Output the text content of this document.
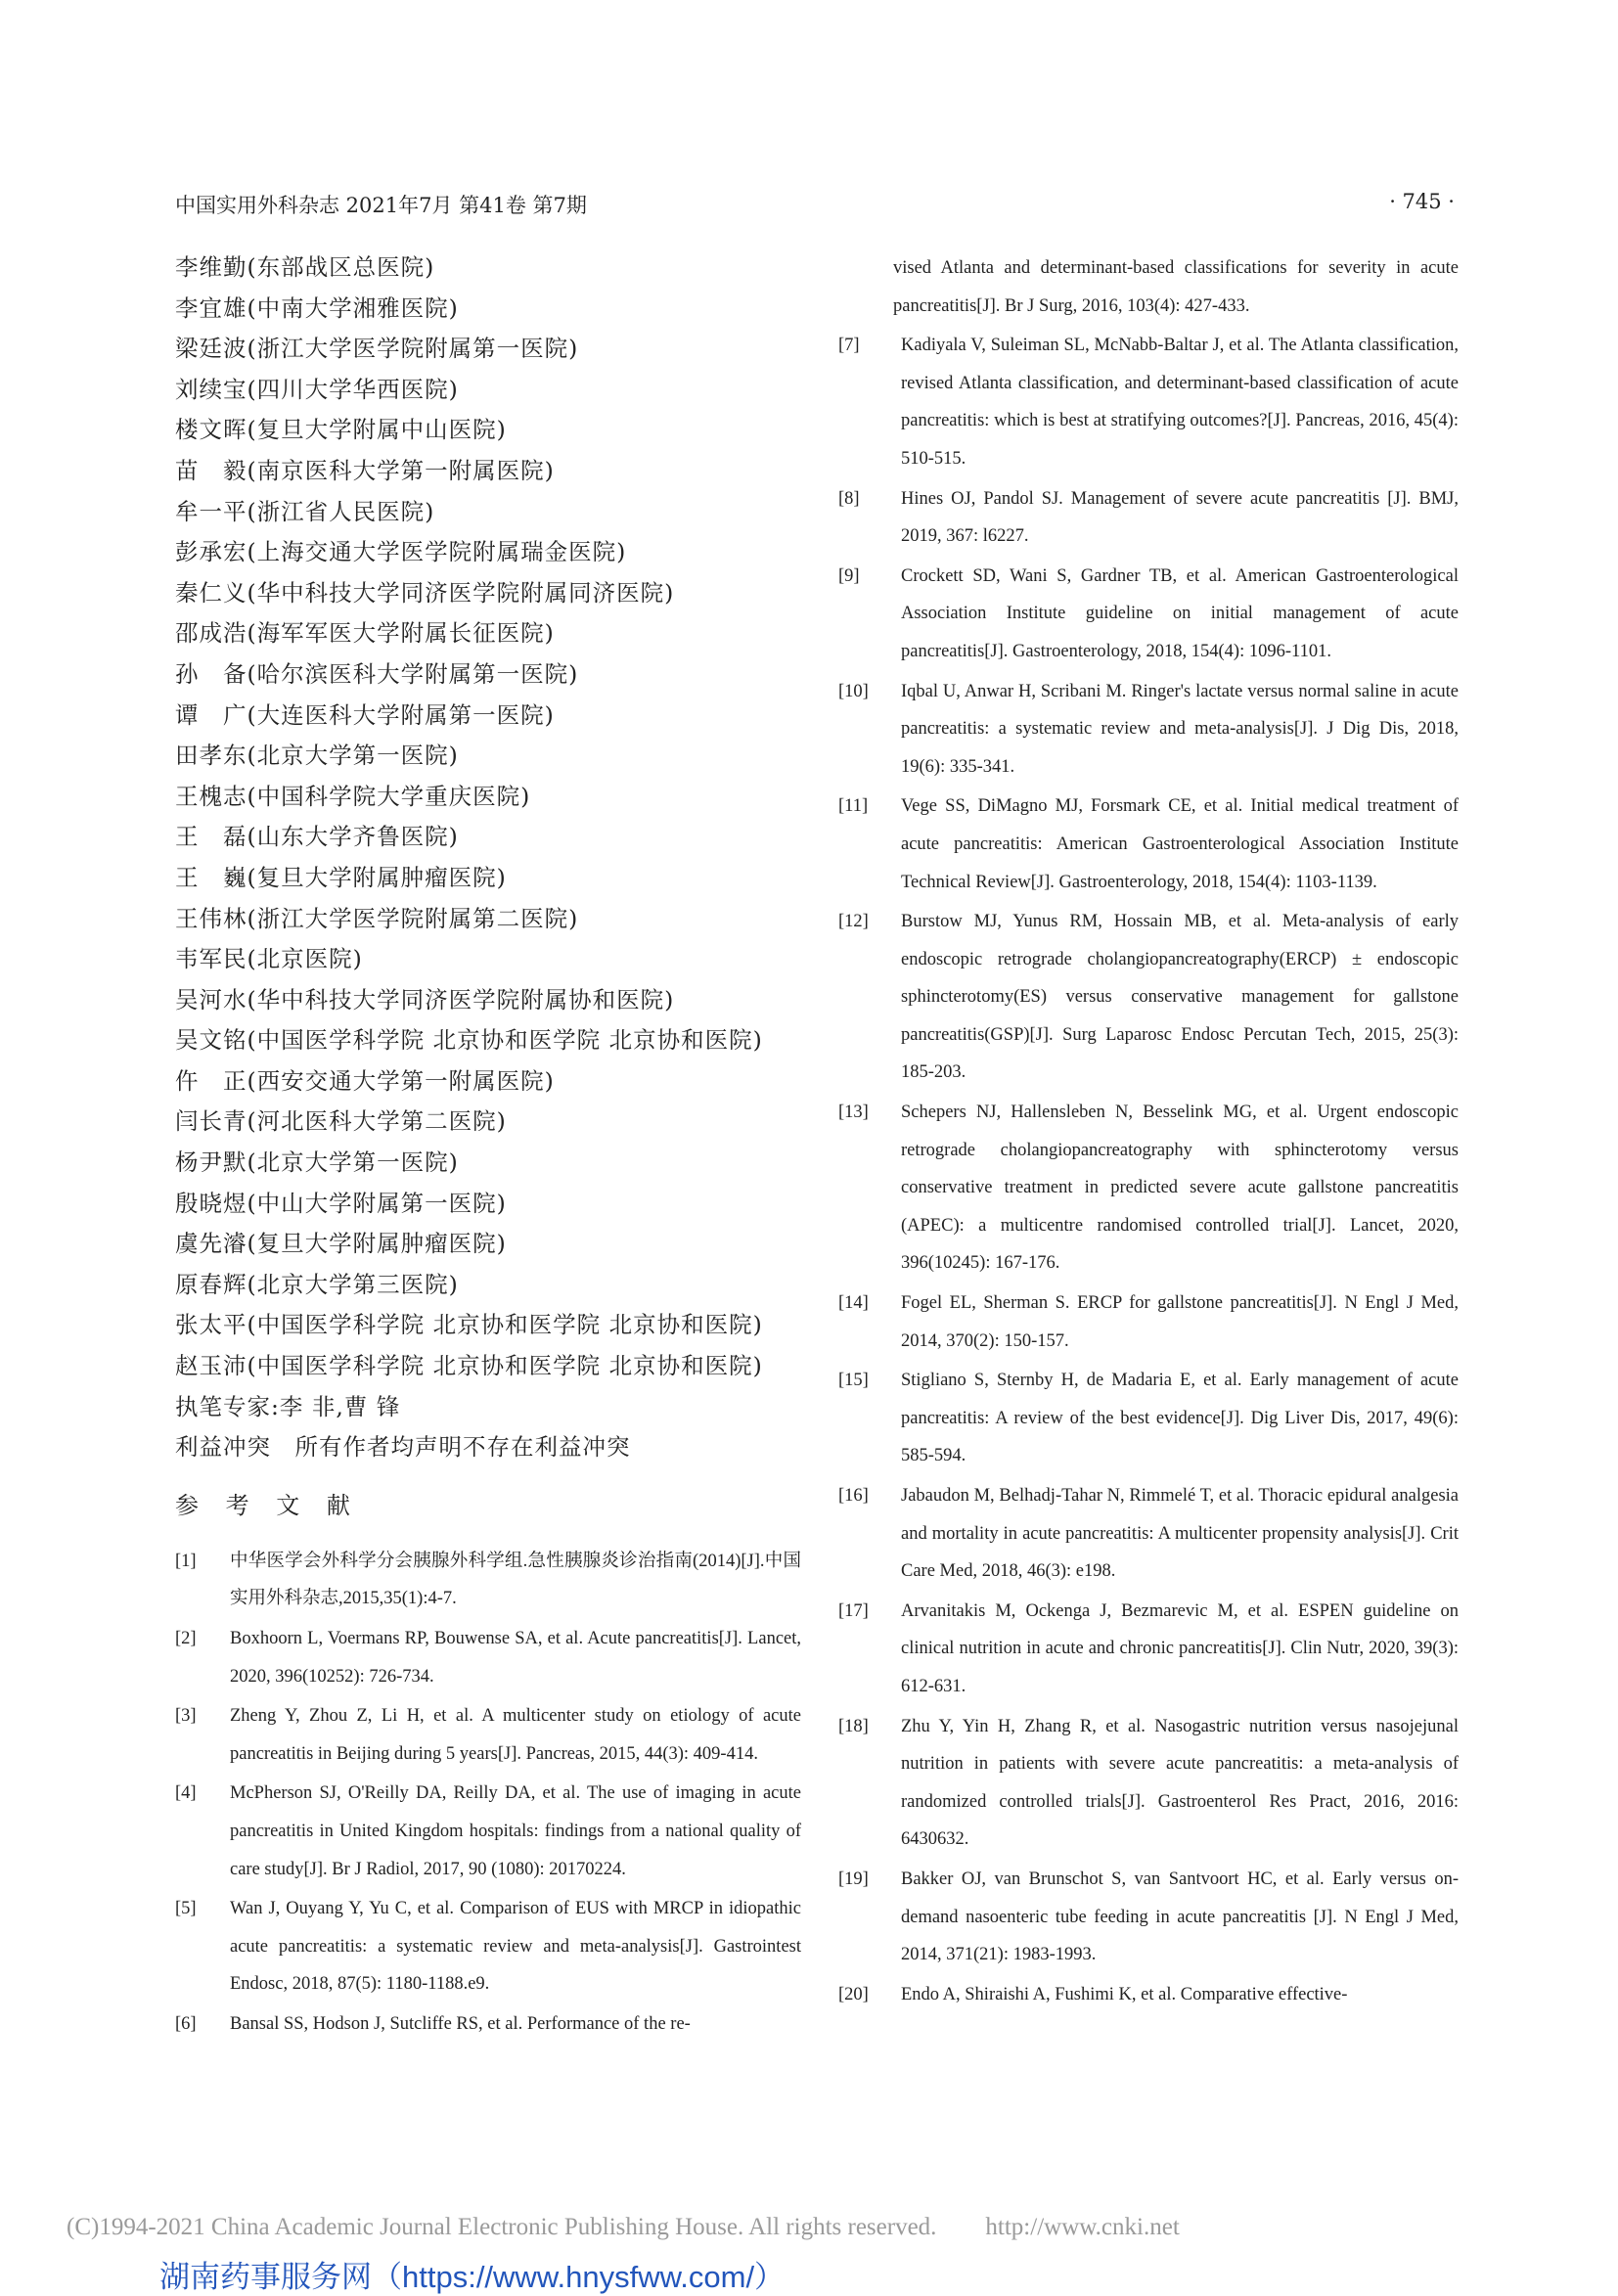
中国实用外科杂志 2021年7月 第41卷 第7期	· 745 ·
李维勤(东部战区总医院)
李宜雄(中南大学湘雅医院)
梁廷波(浙江大学医学院附属第一医院)
刘续宝(四川大学华西医院)
楼文晖(复旦大学附属中山医院)
苗　毅(南京医科大学第一附属医院)
牟一平(浙江省人民医院)
彭承宏(上海交通大学医学院附属瑞金医院)
秦仁义(华中科技大学同济医学院附属同济医院)
邵成浩(海军军医大学附属长征医院)
孙　备(哈尔滨医科大学附属第一医院)
谭　广(大连医科大学附属第一医院)
田孝东(北京大学第一医院)
王槐志(中国科学院大学重庆医院)
王　磊(山东大学齐鲁医院)
王　巍(复旦大学附属肿瘤医院)
王伟林(浙江大学医学院附属第二医院)
韦军民(北京医院)
吴河水(华中科技大学同济医学院附属协和医院)
吴文铭(中国医学科学院 北京协和医学院 北京协和医院)
仵　正(西安交通大学第一附属医院)
闫长青(河北医科大学第二医院)
杨尹默(北京大学第一医院)
殷晓煜(中山大学附属第一医院)
虞先濬(复旦大学附属肿瘤医院)
原春辉(北京大学第三医院)
张太平(中国医学科学院 北京协和医学院 北京协和医院)
赵玉沛(中国医学科学院 北京协和医学院 北京协和医院)
执笔专家:李 非,曹 锋
利益冲突　所有作者均声明不存在利益冲突
参 考 文 献
[1]	中华医学会外科学分会胰腺外科学组.急性胰腺炎诊治指南(2014)[J].中国实用外科杂志,2015,35(1):4-7.
[2]	Boxhoorn L, Voermans RP, Bouwense SA, et al. Acute pancreatitis[J]. Lancet, 2020, 396(10252): 726-734.
[3]	Zheng Y, Zhou Z, Li H, et al. A multicenter study on etiology of acute pancreatitis in Beijing during 5 years[J]. Pancreas, 2015, 44(3): 409-414.
[4]	McPherson SJ, O'Reilly DA, Reilly DA, et al. The use of imaging in acute pancreatitis in United Kingdom hospitals: findings from a national quality of care study[J]. Br J Radiol, 2017, 90 (1080): 20170224.
[5]	Wan J, Ouyang Y, Yu C, et al. Comparison of EUS with MRCP in idiopathic acute pancreatitis: a systematic review and meta-analysis[J]. Gastrointest Endosc, 2018, 87(5): 1180-1188.e9.
[6]	Bansal SS, Hodson J, Sutcliffe RS, et al. Performance of the re-
vised Atlanta and determinant-based classifications for severity in acute pancreatitis[J]. Br J Surg, 2016, 103(4): 427-433.
[7]	Kadiyala V, Suleiman SL, McNabb-Baltar J, et al. The Atlanta classification, revised Atlanta classification, and determinant-based classification of acute pancreatitis: which is best at stratifying outcomes?[J]. Pancreas, 2016, 45(4): 510-515.
[8]	Hines OJ, Pandol SJ. Management of severe acute pancreatitis [J]. BMJ, 2019, 367: l6227.
[9]	Crockett SD, Wani S, Gardner TB, et al. American Gastroenterological Association Institute guideline on initial management of acute pancreatitis[J]. Gastroenterology, 2018, 154(4): 1096-1101.
[10]	Iqbal U, Anwar H, Scribani M. Ringer's lactate versus normal saline in acute pancreatitis: a systematic review and meta-analysis[J]. J Dig Dis, 2018, 19(6): 335-341.
[11]	Vege SS, DiMagno MJ, Forsmark CE, et al. Initial medical treatment of acute pancreatitis: American Gastroenterological Association Institute Technical Review[J]. Gastroenterology, 2018, 154(4): 1103-1139.
[12]	Burstow MJ, Yunus RM, Hossain MB, et al. Meta-analysis of early endoscopic retrograde cholangiopancreatography(ERCP) ± endoscopic sphincterotomy(ES) versus conservative management for gallstone pancreatitis(GSP)[J]. Surg Laparosc Endosc Percutan Tech, 2015, 25(3): 185-203.
[13]	Schepers NJ, Hallensleben N, Besselink MG, et al. Urgent endoscopic retrograde cholangiopancreatography with sphincterotomy versus conservative treatment in predicted severe acute gallstone pancreatitis (APEC): a multicentre randomised controlled trial[J]. Lancet, 2020, 396(10245): 167-176.
[14]	Fogel EL, Sherman S. ERCP for gallstone pancreatitis[J]. N Engl J Med, 2014, 370(2): 150-157.
[15]	Stigliano S, Sternby H, de Madaria E, et al. Early management of acute pancreatitis: A review of the best evidence[J]. Dig Liver Dis, 2017, 49(6): 585-594.
[16]	Jabaudon M, Belhadj-Tahar N, Rimmelé T, et al. Thoracic epidural analgesia and mortality in acute pancreatitis: A multicenter propensity analysis[J]. Crit Care Med, 2018, 46(3): e198.
[17]	Arvanitakis M, Ockenga J, Bezmarevic M, et al. ESPEN guideline on clinical nutrition in acute and chronic pancreatitis[J]. Clin Nutr, 2020, 39(3): 612-631.
[18]	Zhu Y, Yin H, Zhang R, et al. Nasogastric nutrition versus nasojejunal nutrition in patients with severe acute pancreatitis: a meta-analysis of randomized controlled trials[J]. Gastroenterol Res Pract, 2016, 2016: 6430632.
[19]	Bakker OJ, van Brunschot S, van Santvoort HC, et al. Early versus on-demand nasoenteric tube feeding in acute pancreatitis [J]. N Engl J Med, 2014, 371(21): 1983-1993.
[20]	Endo A, Shiraishi A, Fushimi K, et al. Comparative effective-
(C)1994-2021 China Academic Journal Electronic Publishing House. All rights reserved.　　http://www.cnki.net
湖南药事服务网（https://www.hnysfww.com/）
